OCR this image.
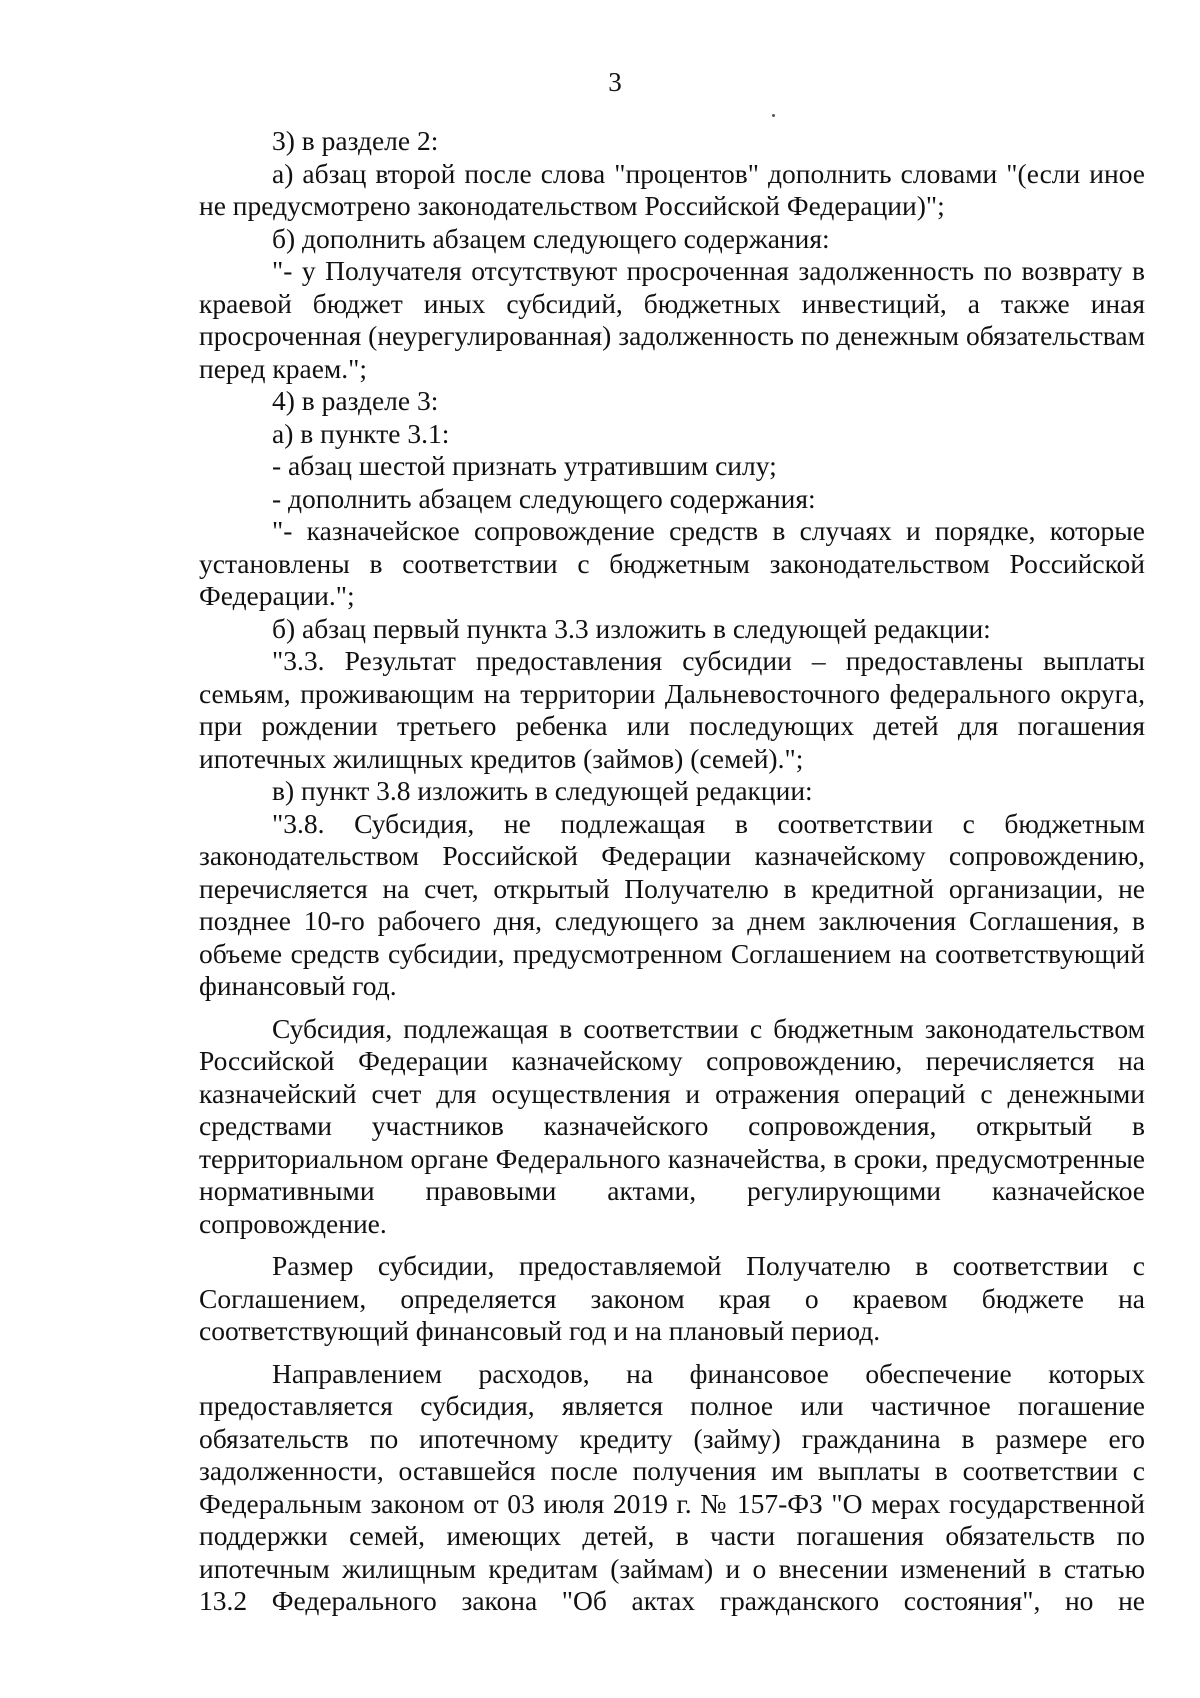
3

3) в разделе 2:

а) абзац второй после слова "процентов" дополнить словами "(если иное не предусмотрено законодательством Российской Федерации)";

б) дополнить абзацем следующего содержания:

"- у Получателя отсутствуют просроченная задолженность по возврату в краевой бюджет иных субсидий, бюджетных инвестиций, а также иная просроченная (неурегулированная) задолженность по денежным обязательствам перед краем.";

4) в разделе 3:

а) в пункте 3.1:

- абзац шестой признать утратившим силу;

- дополнить абзацем следующего содержания:

"- казначейское сопровождение средств в случаях и порядке, которые установлены в соответствии с бюджетным законодательством Российской Федерации.";

б) абзац первый пункта 3.3 изложить в следующей редакции:

"3.3. Результат предоставления субсидии – предоставлены выплаты семьям, проживающим на территории Дальневосточного федерального округа, при рождении третьего ребенка или последующих детей для погашения ипотечных жилищных кредитов (займов) (семей).";

в) пункт 3.8 изложить в следующей редакции:

"3.8. Субсидия, не подлежащая в соответствии с бюджетным законодательством Российской Федерации казначейскому сопровождению, перечисляется на счет, открытый Получателю в кредитной организации, не позднее 10-го рабочего дня, следующего за днем заключения Соглашения, в объеме средств субсидии, предусмотренном Соглашением на соответствующий финансовый год.

Субсидия, подлежащая в соответствии с бюджетным законодательством Российской Федерации казначейскому сопровождению, перечисляется на казначейский счет для осуществления и отражения операций с денежными средствами участников казначейского сопровождения, открытый в территориальном органе Федерального казначейства, в сроки, предусмотренные нормативными правовыми актами, регулирующими казначейское сопровождение.

Размер субсидии, предоставляемой Получателю в соответствии с Соглашением, определяется законом края о краевом бюджете на соответствующий финансовый год и на плановый период.

Направлением расходов, на финансовое обеспечение которых предоставляется субсидия, является полное или частичное погашение обязательств по ипотечному кредиту (займу) гражданина в размере его задолженности, оставшейся после получения им выплаты в соответствии с Федеральным законом от 03 июля 2019 г. № 157-ФЗ "О мерах государственной поддержки семей, имеющих детей, в части погашения обязательств по ипотечным жилищным кредитам (займам) и о внесении изменений в статью 13.2 Федерального закона "Об актах гражданского состояния", но не
